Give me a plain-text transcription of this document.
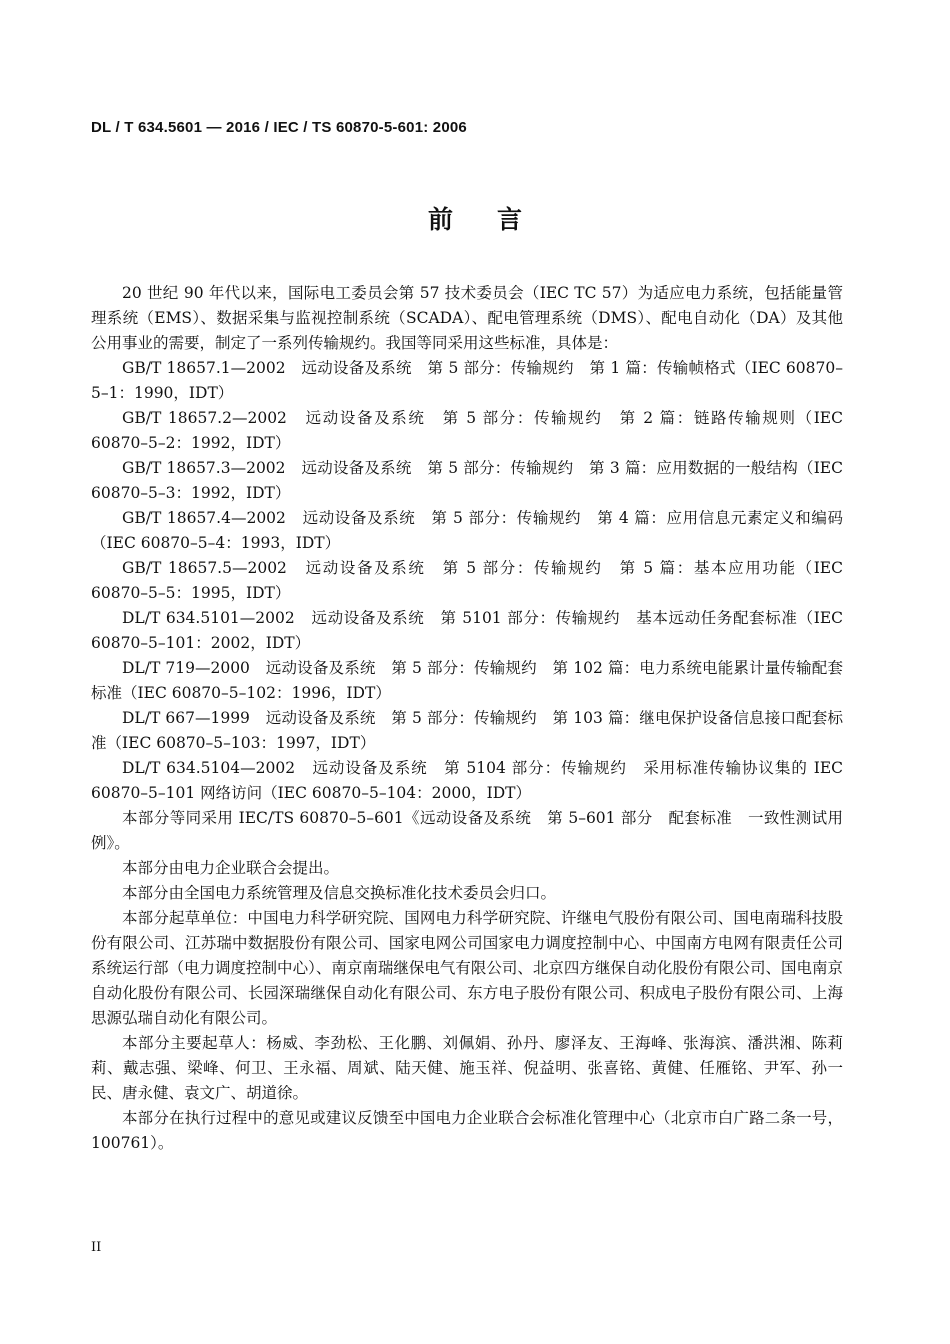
DL / T 634.5601 — 2016 / IEC / TS 60870-5-601: 2006
前 言

20 世纪 90 年代以来，国际电工委员会第 57 技术委员会（IEC TC 57）为适应电力系统，包括能量管理系统（EMS）、数据采集与监视控制系统（SCADA）、配电管理系统（DMS）、配电自动化（DA）及其他公用事业的需要，制定了一系列传输规约。我国等同采用这些标准，具体是：

GB/T 18657.1—2002　远动设备及系统　第 5 部分：传输规约　第 1 篇：传输帧格式（IEC 60870–5–1：1990，IDT）

GB/T 18657.2—2002　远动设备及系统　第 5 部分：传输规约　第 2 篇：链路传输规则（IEC 60870–5–2：1992，IDT）

GB/T 18657.3—2002　远动设备及系统　第 5 部分：传输规约　第 3 篇：应用数据的一般结构（IEC 60870–5–3：1992，IDT）

GB/T 18657.4—2002　远动设备及系统　第 5 部分：传输规约　第 4 篇：应用信息元素定义和编码（IEC 60870–5–4：1993，IDT）

GB/T 18657.5—2002　远动设备及系统　第 5 部分：传输规约　第 5 篇：基本应用功能（IEC 60870–5–5：1995，IDT）

DL/T 634.5101—2002　远动设备及系统　第 5101 部分：传输规约　基本远动任务配套标准（IEC 60870–5–101：2002，IDT）

DL/T 719—2000　远动设备及系统　第 5 部分：传输规约　第 102 篇：电力系统电能累计量传输配套标准（IEC 60870–5–102：1996，IDT）

DL/T 667—1999　远动设备及系统　第 5 部分：传输规约　第 103 篇：继电保护设备信息接口配套标准（IEC 60870–5–103：1997，IDT）

DL/T 634.5104—2002　远动设备及系统　第 5104 部分：传输规约　采用标准传输协议集的 IEC 60870–5–101 网络访问（IEC 60870–5–104：2000，IDT）

本部分等同采用 IEC/TS 60870–5–601《远动设备及系统　第 5–601 部分　配套标准　一致性测试用例》。

本部分由电力企业联合会提出。

本部分由全国电力系统管理及信息交换标准化技术委员会归口。

本部分起草单位：中国电力科学研究院、国网电力科学研究院、许继电气股份有限公司、国电南瑞科技股份有限公司、江苏瑞中数据股份有限公司、国家电网公司国家电力调度控制中心、中国南方电网有限责任公司系统运行部（电力调度控制中心）、南京南瑞继保电气有限公司、北京四方继保自动化股份有限公司、国电南京自动化股份有限公司、长园深瑞继保自动化有限公司、东方电子股份有限公司、积成电子股份有限公司、上海思源弘瑞自动化有限公司。

本部分主要起草人：杨威、李劲松、王化鹏、刘佩娟、孙丹、廖泽友、王海峰、张海滨、潘洪湘、陈莉莉、戴志强、梁峰、何卫、王永福、周斌、陆天健、施玉祥、倪益明、张喜铭、黄健、任雁铭、尹军、孙一民、唐永健、袁文广、胡道徐。

本部分在执行过程中的意见或建议反馈至中国电力企业联合会标准化管理中心（北京市白广路二条一号，100761）。

II
